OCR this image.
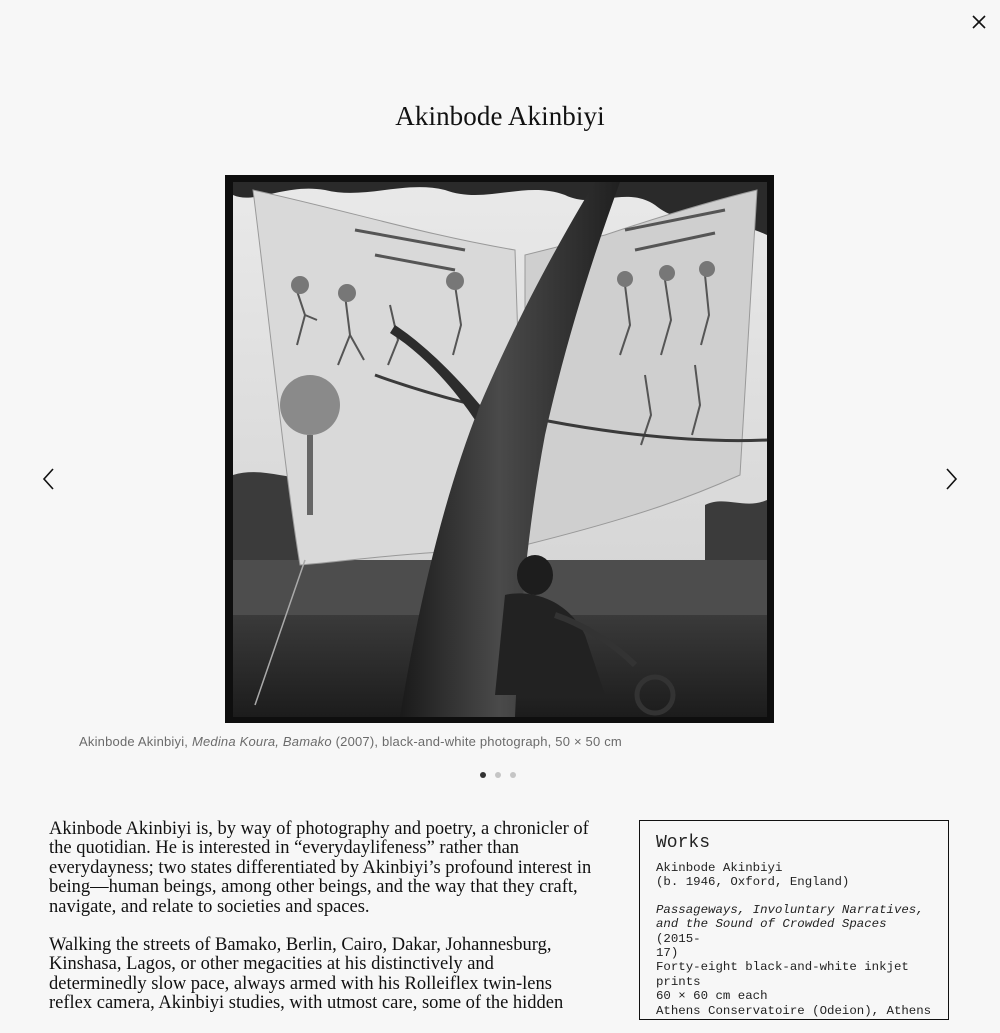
Akinbode Akinbiyi
Akinbode Akinbiyi, Medina Koura, Bamako (2007), black-and-white photograph, 50 × 50 cm

Akinbode Akinbiyi is, by way of photography and poetry, a chronicler of the quotidian. He is interested in “everydaylifeness” rather than everydayness; two states differentiated by Akinbiyi’s profound interest in being—human beings, among other beings, and the way that they craft, navigate, and relate to societies and spaces.

Walking the streets of Bamako, Berlin, Cairo, Dakar, Johannesburg, Kinshasa, Lagos, or other megacities at his distinctively and determinedly slow pace, always armed with his Rolleiflex twin-lens reflex camera, Akinbiyi studies, with utmost care, some of the hidden

Works
Akinbode Akinbiyi
(b. 1946, Oxford, England)
Passageways, Involuntary Narratives,
and the Sound of Crowded Spaces (2015-
17)
Forty-eight black-and-white inkjet
prints
60 × 60 cm each
Athens Conservatoire (Odeion), Athens
